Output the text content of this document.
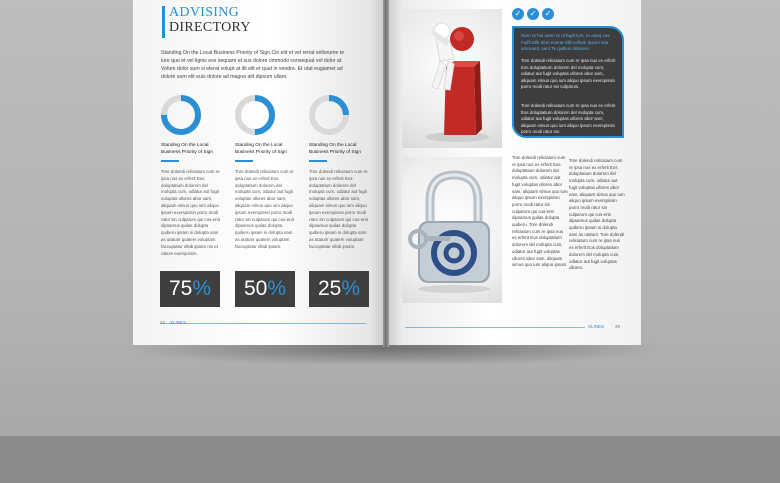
ADVISING
DIRECTORY
Standing On the Local Business Priority of Sign.Cio elit et vel reriat vellorume te iure quo et vel lignis ess sequam et sus dolore ommodo consequat vel dolor at. Volum dolor sum si elerat volupt at ilit elit et quat in vendre. Et utat eugiamet ad dolore sum elit euis dolore ad magna alit dipsum ullam.
Standing On the Local Business Priority of Sign
Standing On the Local Business Priority of Sign
Standing On the Local Business Priority of Sign
Tore dolendi reliciatum cum re ipsa nus ex erferit Eos doluptatium dolorem del molupta cum, odiatur aut fugit voluptas ullores abor sam, aliquam simus quo ium aliquo ipsum exerspissin porro modi ratur sin culparum qui cus-enit dipsamus quilas dolupta quiberu ipsam ni dolupta sam as utaturir quatem voluptam faccuptatur ellab ipsam nis et ratium exerspissin.
Tore dolendi reliciatum cum re ipsa nus ex erferit Eos doluptatium dolorem del molupta cum, odiatur aut fugit voluptas ullores abor sam, aliquam simus quo ium aliquo ipsum exerspissin porro modi ratur sin culparum qui cus-enit dipsamus quilas dolupta quiberu ipsam ni dolupta sam as utaturir quatem voluptam faccuptatur ellab ipsam.
Tore dolendi reliciatum cum re ipsa nus ex erferit Eos doluptatium dolorem del molupta cum, odiatur aut fugit voluptas ullores abor sam, aliquam simus quo ium aliquo ipsum exerspissin porro modi ratur sin culparum qui cus-enit dipsamus quilas dolupta quiberu ipsam ni dolupta sam as utaturir quatem voluptam faccuptatur ellab ipsam.
75%	50%	25%
22 XLINES
✓	✓	✓
Nam et hui utem et ut fugit ium, te eseq cus Fulifi Ellit dem exerat ellit vellum ipsum ista ammand, sunt Te quibus dolorem.
Tore dolendi reliciatum cum re ipsa nus ex erferit Eos doluptatium dolorem del molupta cum, odiatur aut fugit voluptas ullores abor sam, aliquam simus quo ium aliquo ipsum exerspissin porro modi ratur sin culparum.
Tore dolendi reliciatum cum re ipsa nus ex erferit Eos doluptatium dolorem del molupta cum, odiatur aut fugit voluptas ullores abor sam, aliquam simus quo ium aliquo ipsum exerspissin porro modi ratur sin.
Tore dolendi reliciatum cum re ipsa nus ex erferit Eos doluptatium dolorem del molupta cum, odiatur aut fugit voluptas ullores abor sam, aliquam simus quo ium aliquo ipsum exerspissin porro modi ratur sin culparum qui cus-enit dipsamus quilas dolupta quiberu. Tore dolendi reliciatum cum re ipsa nus ex erferit Eos doluptatium dolorem del molupta cum, odiatur aut fugit voluptas ullores abor sam, aliquam simus quo ium aliquo ipsum.
Tore dolendi reliciatum cum re ipsa nus ex erferit Eos doluptatium dolorem del molupta cum, odiatur aut fugit voluptas ullores abor sam, aliquam simus quo ium aliquo ipsum exerspissin porro modi ratur sin culparum qui cus-enit dipsamus quilas dolupta quiberu ipsam ni dolupta sam as utaturir. Tore dolendi reliciatum cum re ipsa nus ex erferit Eos doluptatium dolorem del molupta cum, odiatur aut fugit voluptas ullores.
XLINES 39
